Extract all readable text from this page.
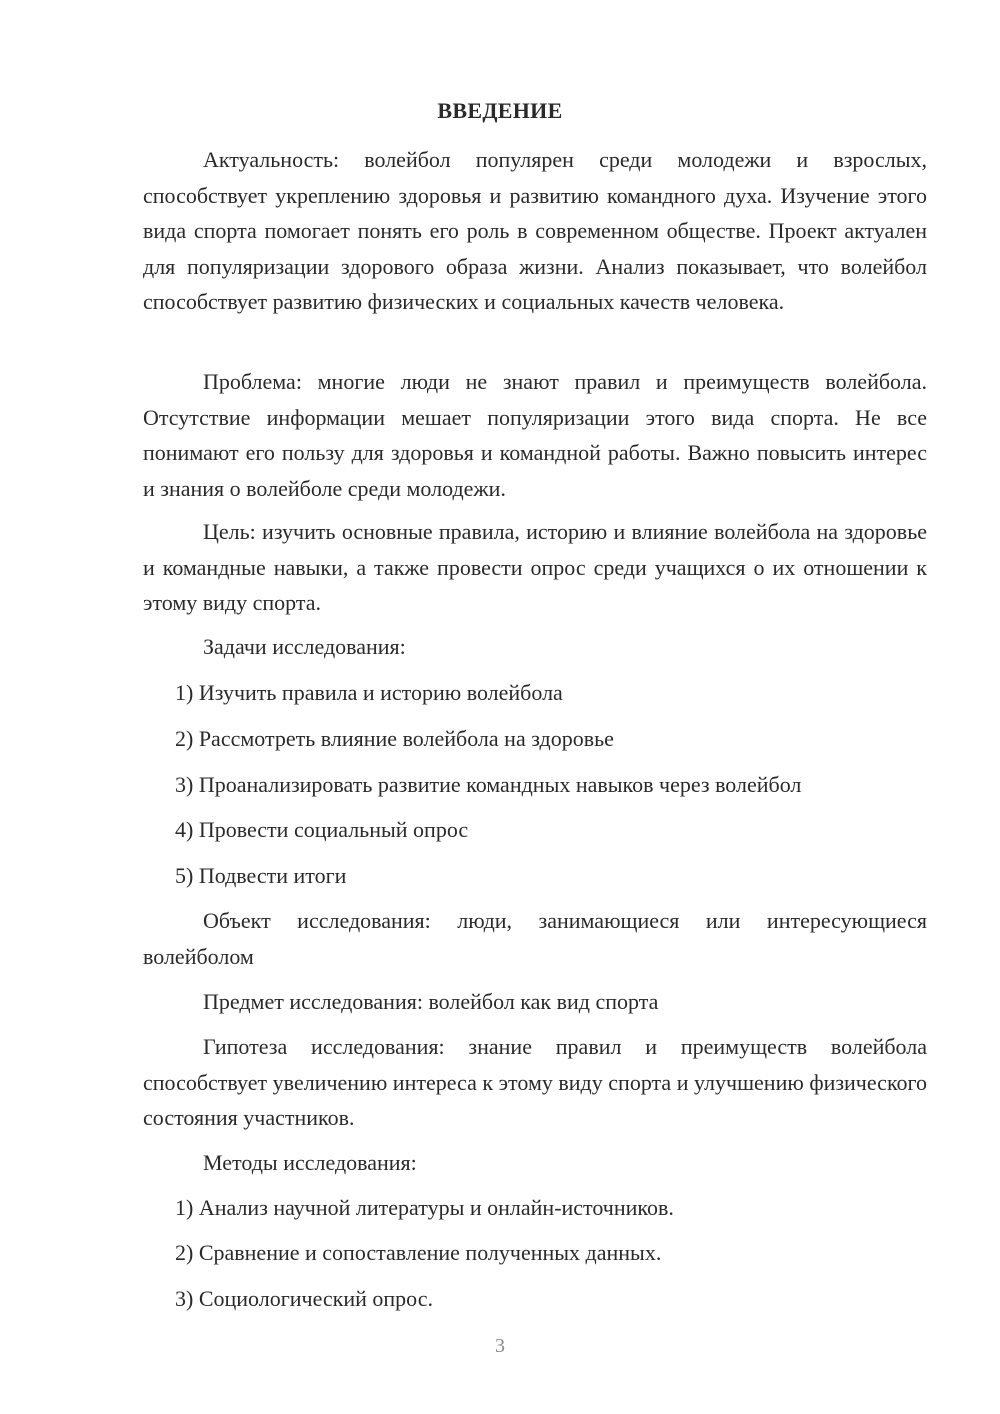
ВВЕДЕНИЕ

Актуальность: волейбол популярен среди молодежи и взрослых, способствует укреплению здоровья и развитию командного духа. Изучение этого вида спорта помогает понять его роль в современном обществе. Проект актуален для популяризации здорового образа жизни. Анализ показывает, что волейбол способствует развитию физических и социальных качеств человека.

Проблема: многие люди не знают правил и преимуществ волейбола. Отсутствие информации мешает популяризации этого вида спорта. Не все понимают его пользу для здоровья и командной работы. Важно повысить интерес и знания о волейболе среди молодежи.

Цель: изучить основные правила, историю и влияние волейбола на здоровье и командные навыки, а также провести опрос среди учащихся о их отношении к этому виду спорта.

Задачи исследования:

1) Изучить правила и историю волейбола

2) Рассмотреть влияние волейбола на здоровье

3) Проанализировать развитие командных навыков через волейбол

4) Провести социальный опрос

5) Подвести итоги

Объект исследования: люди, занимающиеся или интересующиеся волейболом

Предмет исследования: волейбол как вид спорта

Гипотеза исследования: знание правил и преимуществ волейбола способствует увеличению интереса к этому виду спорта и улучшению физического состояния участников.

Методы исследования:

1) Анализ научной литературы и онлайн-источников.

2) Сравнение и сопоставление полученных данных.

3) Социологический опрос.

3
